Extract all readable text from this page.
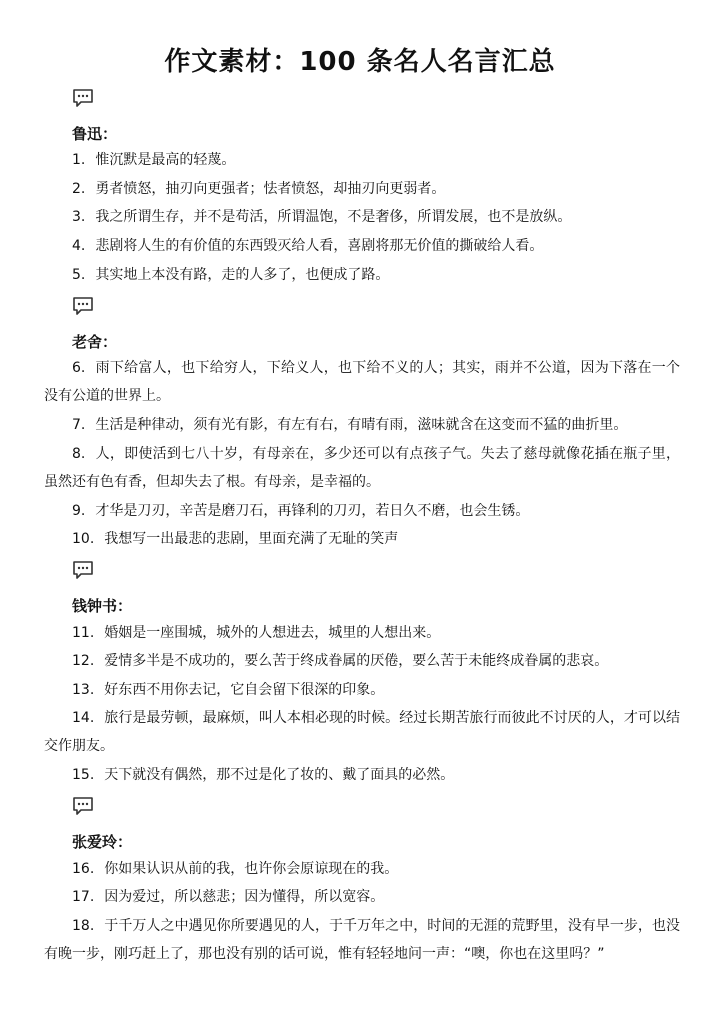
作文素材：100 条名人名言汇总
鲁迅：
1. 惟沉默是最高的轻蔑。
2. 勇者愤怒，抽刃向更强者；怯者愤怒，却抽刃向更弱者。
3. 我之所谓生存，并不是苟活，所谓温饱，不是奢侈，所谓发展，也不是放纵。
4. 悲剧将人生的有价值的东西毁灭给人看，喜剧将那无价值的撕破给人看。
5. 其实地上本没有路，走的人多了，也便成了路。
老舍：
6. 雨下给富人，也下给穷人，下给义人，也下给不义的人；其实，雨并不公道，因为下落在一个没有公道的世界上。
7. 生活是种律动，须有光有影，有左有右，有晴有雨，滋味就含在这变而不猛的曲折里。
8. 人，即使活到七八十岁，有母亲在，多少还可以有点孩子气。失去了慈母就像花插在瓶子里，虽然还有色有香，但却失去了根。有母亲，是幸福的。
9. 才华是刀刃，辛苦是磨刀石，再锋利的刀刃，若日久不磨，也会生锈。
10. 我想写一出最悲的悲剧，里面充满了无耻的笑声
钱钟书：
11. 婚姻是一座围城，城外的人想进去，城里的人想出来。
12. 爱情多半是不成功的，要么苦于终成眷属的厌倦，要么苦于未能终成眷属的悲哀。
13. 好东西不用你去记，它自会留下很深的印象。
14. 旅行是最劳顿，最麻烦，叫人本相必现的时候。经过长期苦旅行而彼此不讨厌的人，才可以结交作朋友。
15. 天下就没有偶然，那不过是化了妆的、戴了面具的必然。
张爱玲：
16. 你如果认识从前的我，也许你会原谅现在的我。
17. 因为爱过，所以慈悲；因为懂得，所以宽容。
18. 于千万人之中遇见你所要遇见的人，于千万年之中，时间的无涯的荒野里，没有早一步，也没有晚一步，刚巧赶上了，那也没有别的话可说，惟有轻轻地问一声：“噢，你也在这里吗？”
